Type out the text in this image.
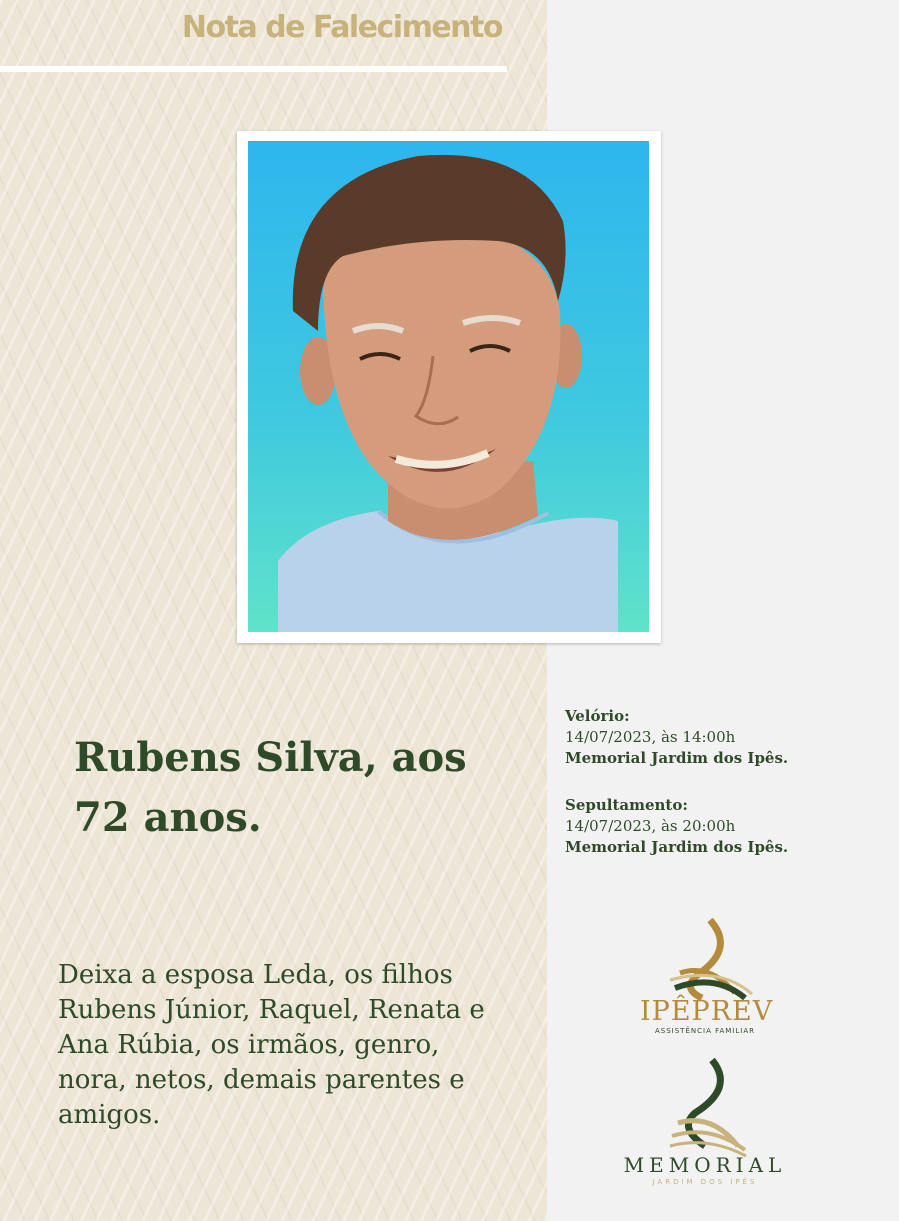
Nota de Falecimento
Rubens Silva, aos 72 anos.
Deixa a esposa Leda, os filhos Rubens Júnior, Raquel, Renata e Ana Rúbia, os irmãos, genro, nora, netos, demais parentes e amigos.
Velório:
14/07/2023, às 14:00h
Memorial Jardim dos Ipês.
Sepultamento:
14/07/2023, às 20:00h
Memorial Jardim dos Ipês.
IPÊPREV
ASSISTÊNCIA FAMILIAR
MEMORIAL
JARDIM DOS IPÊS
